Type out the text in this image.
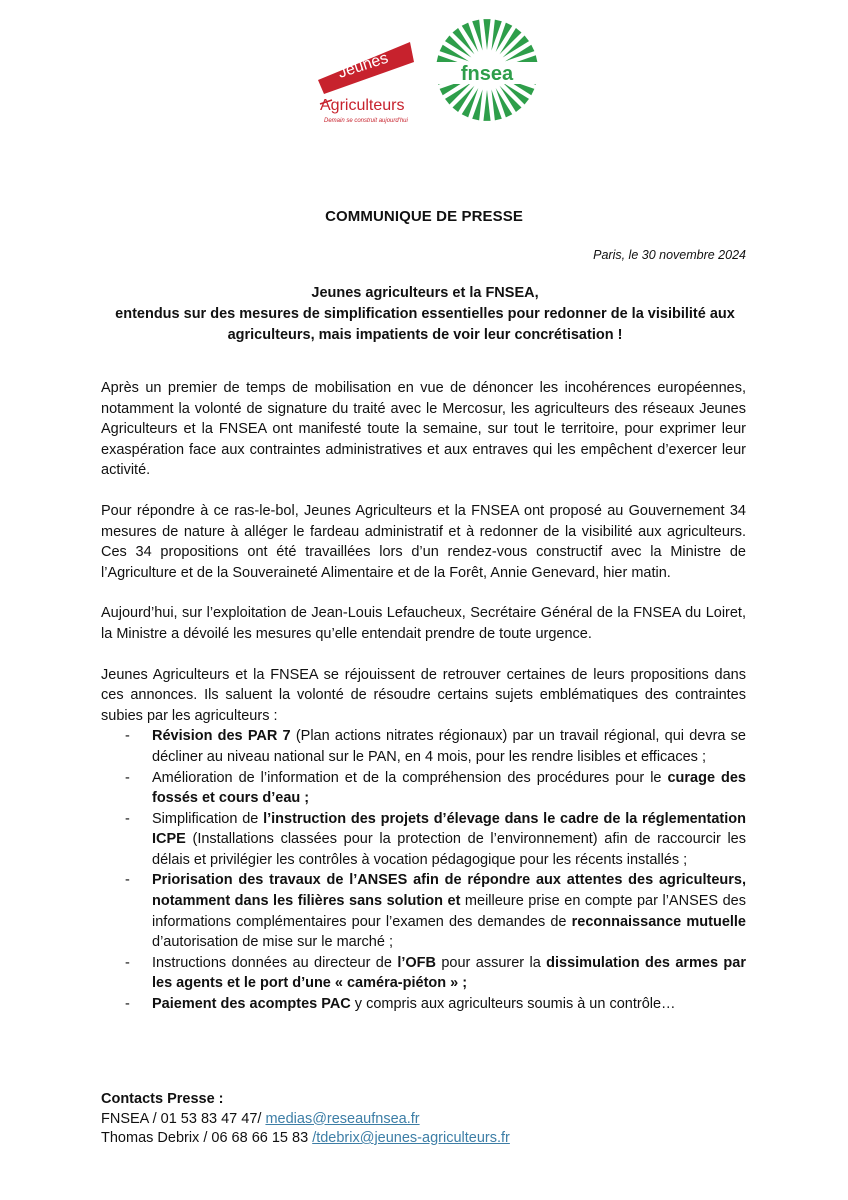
Jeunes
Agriculteurs
Demain se construit aujourd'hui
fnsea
COMMUNIQUE DE PRESSE
Paris, le 30 novembre 2024
Jeunes agriculteurs et la FNSEA,
entendus sur des mesures de simplification essentielles pour redonner de la visibilité aux agriculteurs, mais impatients de voir leur concrétisation !

Après un premier de temps de mobilisation en vue de dénoncer les incohérences européennes, notamment la volonté de signature du traité avec le Mercosur, les agriculteurs des réseaux Jeunes Agriculteurs et la FNSEA ont manifesté toute la semaine, sur tout le territoire, pour exprimer leur exaspération face aux contraintes administratives et aux entraves qui les empêchent d’exercer leur activité.

Pour répondre à ce ras-le-bol, Jeunes Agriculteurs et la FNSEA ont proposé au Gouvernement 34 mesures de nature à alléger le fardeau administratif et à redonner de la visibilité aux agriculteurs. Ces 34 propositions ont été travaillées lors d’un rendez-vous constructif avec la Ministre de l’Agriculture et de la Souveraineté Alimentaire et de la Forêt, Annie Genevard, hier matin.

Aujourd’hui, sur l’exploitation de Jean-Louis Lefaucheux, Secrétaire Général de la FNSEA du Loiret, la Ministre a dévoilé les mesures qu’elle entendait prendre de toute urgence.

Jeunes Agriculteurs et la FNSEA se réjouissent de retrouver certaines de leurs propositions dans ces annonces. Ils saluent la volonté de résoudre certains sujets emblématiques des contraintes subies par les agriculteurs :

- Révision des PAR 7 (Plan actions nitrates régionaux) par un travail régional, qui devra se décliner au niveau national sur le PAN, en 4 mois, pour les rendre lisibles et efficaces ;
- Amélioration de l’information et de la compréhension des procédures pour le curage des fossés et cours d’eau ;
- Simplification de l’instruction des projets d’élevage dans le cadre de la réglementation ICPE (Installations classées pour la protection de l’environnement) afin de raccourcir les délais et privilégier les contrôles à vocation pédagogique pour les récents installés ;
- Priorisation des travaux de l’ANSES afin de répondre aux attentes des agriculteurs, notamment dans les filières sans solution et meilleure prise en compte par l’ANSES des informations complémentaires pour l’examen des demandes de reconnaissance mutuelle d’autorisation de mise sur le marché ;
- Instructions données au directeur de l’OFB pour assurer la dissimulation des armes par les agents et le port d’une « caméra-piéton » ;
- Paiement des acomptes PAC y compris aux agriculteurs soumis à un contrôle…
Contacts Presse :
FNSEA / 01 53 83 47 47/ medias@reseaufnsea.fr
Thomas Debrix / 06 68 66 15 83 /tdebrix@jeunes-agriculteurs.fr
